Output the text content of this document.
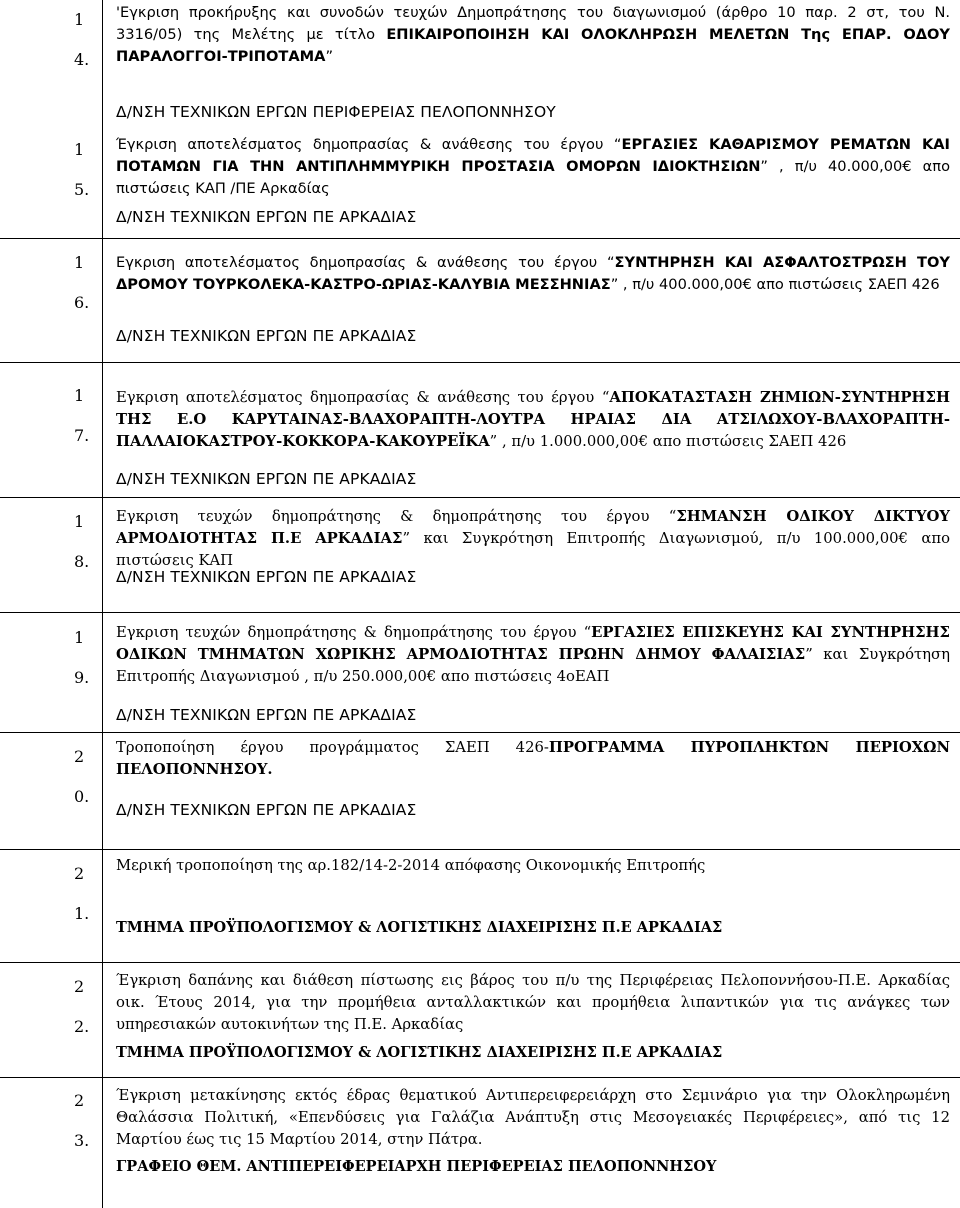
1
4.
'Εγκριση προκήρυξης και συνοδών τευχών Δημοπράτησης του διαγωνισμού (άρθρο 10 παρ. 2 στ, του Ν. 3316/05) της Μελέτης με τίτλο ΕΠΙΚΑΙΡΟΠΟΙΗΣΗ ΚΑΙ ΟΛΟΚΛΗΡΩΣΗ ΜΕΛΕΤΩΝ Της ΕΠΑΡ. ΟΔΟΥ ΠΑΡΑΛΟΓΓΟΙ-ΤΡΙΠΟΤΑΜΑ”
Δ/ΝΣΗ ΤΕΧΝΙΚΩΝ ΕΡΓΩΝ ΠΕΡΙΦΕΡΕΙΑΣ ΠΕΛΟΠΟΝΝΗΣΟΥ
1
5.
Έγκριση αποτελέσματος δημοπρασίας & ανάθεσης του έργου “ΕΡΓΑΣΙΕΣ ΚΑΘΑΡΙΣΜΟΥ ΡΕΜΑΤΩΝ ΚΑΙ ΠΟΤΑΜΩΝ ΓΙΑ ΤΗΝ ΑΝΤΙΠΛΗΜΜΥΡΙΚΗ ΠΡΟΣΤΑΣΙΑ ΟΜΟΡΩΝ ΙΔΙΟΚΤΗΣΙΩΝ” , π/υ 40.000,00€ απο πιστώσεις ΚΑΠ /ΠΕ Αρκαδίας
Δ/ΝΣΗ ΤΕΧΝΙΚΩΝ ΕΡΓΩΝ ΠΕ ΑΡΚΑΔΙΑΣ
1
6.
Εγκριση αποτελέσματος δημοπρασίας & ανάθεσης του έργου “ΣΥΝΤΗΡΗΣΗ ΚΑΙ ΑΣΦΑΛΤΟΣΤΡΩΣΗ ΤΟΥ ΔΡΟΜΟΥ ΤΟΥΡΚΟΛΕΚΑ-ΚΑΣΤΡΟ-ΩΡΙΑΣ-ΚΑΛΥΒΙΑ ΜΕΣΣΗΝΙΑΣ” , π/υ 400.000,00€ απο πιστώσεις ΣΑΕΠ 426
Δ/ΝΣΗ ΤΕΧΝΙΚΩΝ ΕΡΓΩΝ ΠΕ ΑΡΚΑΔΙΑΣ
1
7.
Εγκριση αποτελέσματος δημοπρασίας & ανάθεσης του έργου “ΑΠΟΚΑΤΑΣΤΑΣΗ ΖΗΜΙΩΝ-ΣΥΝΤΗΡΗΣΗ ΤΗΣ Ε.Ο ΚΑΡΥΤΑΙΝΑΣ-ΒΛΑΧΟΡΑΠΤΗ-ΛΟΥΤΡΑ ΗΡΑΙΑΣ ΔΙΑ ΑΤΣΙΛΩΧΟΥ-ΒΛΑΧΟΡΑΠΤΗ-ΠΑΛΛΑΙΟΚΑΣΤΡΟΥ-ΚΟΚΚΟΡΑ-ΚΑΚΟΥΡΕΪΚΑ” , π/υ 1.000.000,00€ απο πιστώσεις ΣΑΕΠ 426
Δ/ΝΣΗ ΤΕΧΝΙΚΩΝ ΕΡΓΩΝ ΠΕ ΑΡΚΑΔΙΑΣ
1
8.
Εγκριση τευχών δημοπράτησης & δημοπράτησης του έργου “ΣΗΜΑΝΣΗ ΟΔΙΚΟΥ ΔΙΚΤΥΟΥ ΑΡΜΟΔΙΟΤΗΤΑΣ Π.Ε ΑΡΚΑΔΙΑΣ” και Συγκρότηση Επιτροπής Διαγωνισμού, π/υ 100.000,00€ απο πιστώσεις ΚΑΠ
Δ/ΝΣΗ ΤΕΧΝΙΚΩΝ ΕΡΓΩΝ ΠΕ ΑΡΚΑΔΙΑΣ
1
9.
Εγκριση τευχών δημοπράτησης & δημοπράτησης του έργου “ΕΡΓΑΣΙΕΣ ΕΠΙΣΚΕΥΗΣ ΚΑΙ ΣΥΝΤΗΡΗΣΗΣ ΟΔΙΚΩΝ ΤΜΗΜΑΤΩΝ ΧΩΡΙΚΗΣ ΑΡΜΟΔΙΟΤΗΤΑΣ ΠΡΩΗΝ ΔΗΜΟΥ ΦΑΛΑΙΣΙΑΣ” και Συγκρότηση Επιτροπής Διαγωνισμού , π/υ 250.000,00€ απο πιστώσεις 4οΕΑΠ
Δ/ΝΣΗ ΤΕΧΝΙΚΩΝ ΕΡΓΩΝ ΠΕ ΑΡΚΑΔΙΑΣ
2
0.
Τροποποίηση έργου προγράμματος ΣΑΕΠ 426-ΠΡΟΓΡΑΜΜΑ ΠΥΡΟΠΛΗΚΤΩΝ ΠΕΡΙΟΧΩΝ ΠΕΛΟΠΟΝΝΗΣΟΥ.
Δ/ΝΣΗ ΤΕΧΝΙΚΩΝ ΕΡΓΩΝ ΠΕ ΑΡΚΑΔΙΑΣ
2
1.
Μερική τροποποίηση της αρ.182/14-2-2014 απόφασης Οικονομικής Επιτροπής
ΤΜΗΜΑ ΠΡΟΫΠΟΛΟΓΙΣΜΟΥ & ΛΟΓΙΣΤΙΚΗΣ ΔΙΑΧΕΙΡΙΣΗΣ Π.Ε ΑΡΚΑΔΙΑΣ
2
2.
Έγκριση δαπάνης και διάθεση πίστωσης εις βάρος του π/υ της Περιφέρειας Πελοποννήσου-Π.Ε. Αρκαδίας οικ. Έτους 2014, για την προμήθεια ανταλλακτικών και προμήθεια λιπαντικών για τις ανάγκες των υπηρεσιακών αυτοκινήτων της Π.Ε. Αρκαδίας
ΤΜΗΜΑ ΠΡΟΫΠΟΛΟΓΙΣΜΟΥ & ΛΟΓΙΣΤΙΚΗΣ ΔΙΑΧΕΙΡΙΣΗΣ Π.Ε ΑΡΚΑΔΙΑΣ
2
3.
Έγκριση μετακίνησης εκτός έδρας θεματικού Αντιπερειφερειάρχη στο Σεμινάριο για την Ολοκληρωμένη Θαλάσσια Πολιτική, «Επενδύσεις για Γαλάζια Ανάπτυξη στις Μεσογειακές Περιφέρειες», από τις 12 Μαρτίου έως τις 15 Μαρτίου 2014, στην Πάτρα.
ΓΡΑΦΕΙΟ ΘΕΜ. ΑΝΤΙΠΕΡΕΙΦΕΡΕΙΑΡΧΗ ΠΕΡΙΦΕΡΕΙΑΣ ΠΕΛΟΠΟΝΝΗΣΟΥ
